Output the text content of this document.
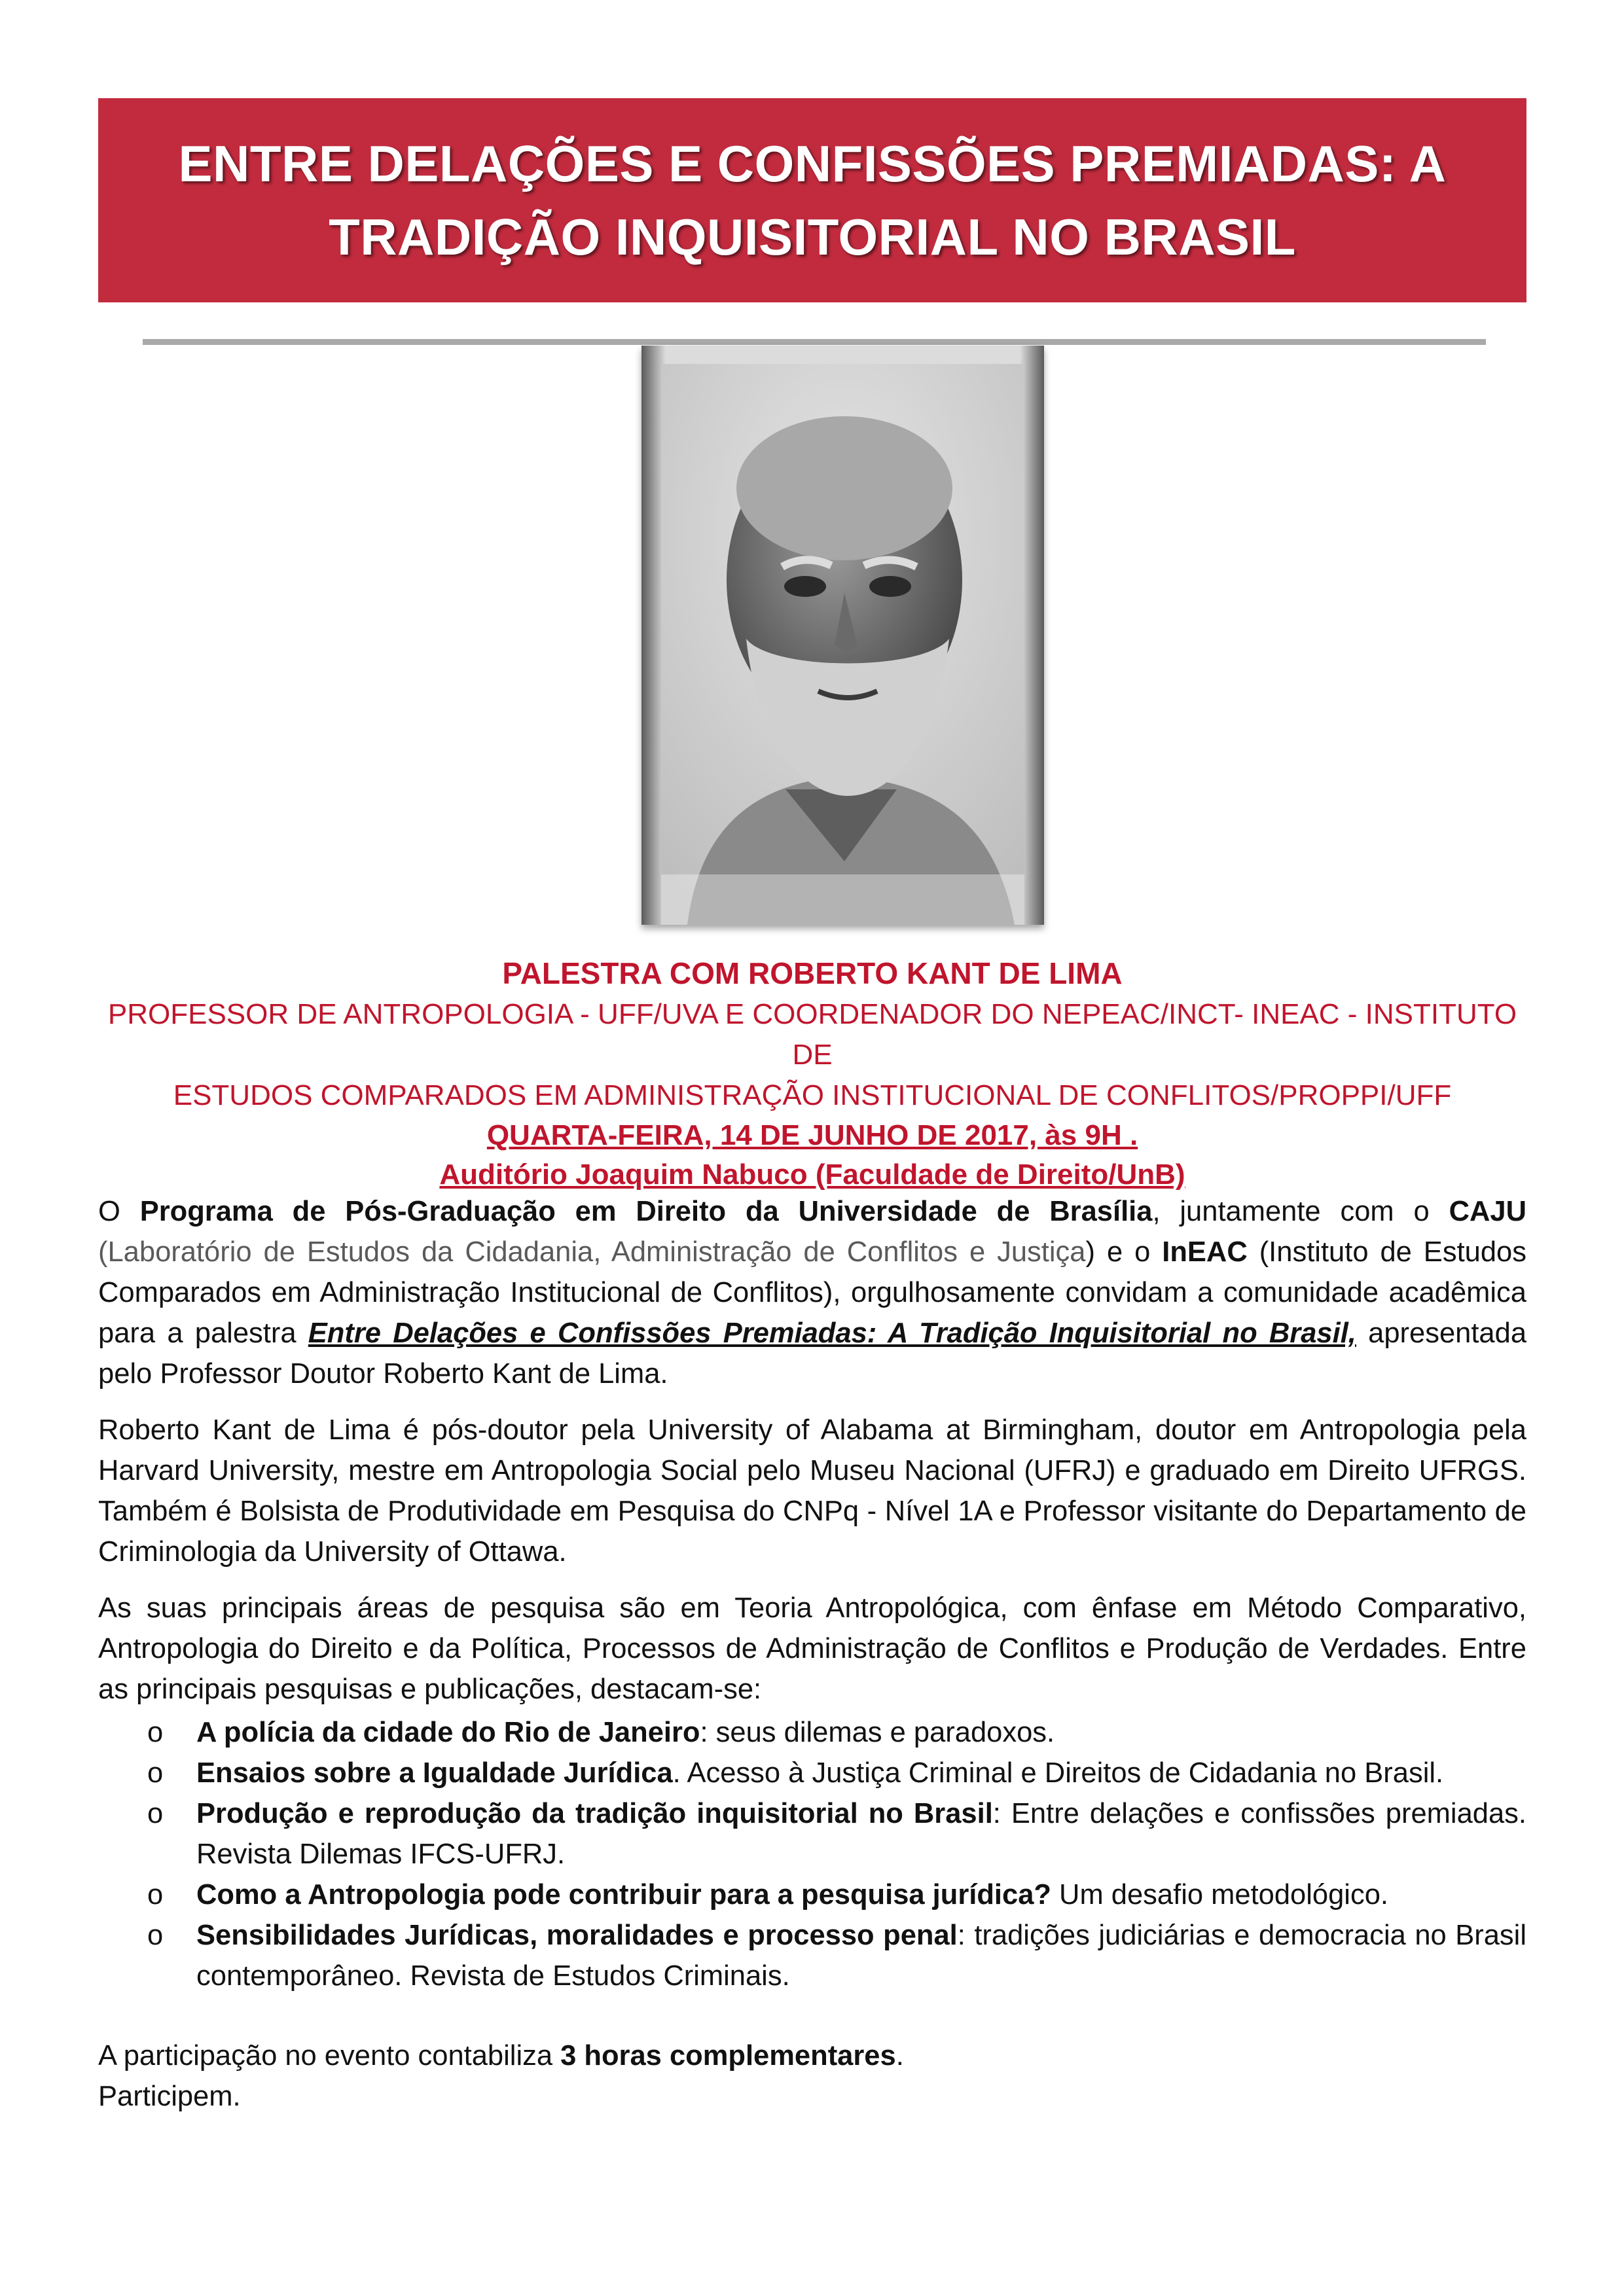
ENTRE DELAÇÕES E CONFISSÕES PREMIADAS: A
TRADIÇÃO INQUISITORIAL NO BRASIL
PALESTRA COM ROBERTO KANT DE LIMA
PROFESSOR DE ANTROPOLOGIA - UFF/UVA E COORDENADOR DO NEPEAC/INCT- INEAC - INSTITUTO DE
ESTUDOS COMPARADOS EM ADMINISTRAÇÃO INSTITUCIONAL DE CONFLITOS/PROPPI/UFF
QUARTA-FEIRA, 14 DE JUNHO DE 2017, às 9H .
Auditório Joaquim Nabuco (Faculdade de Direito/UnB)

O Programa de Pós-Graduação em Direito da Universidade de Brasília, juntamente com o CAJU (Laboratório de Estudos da Cidadania, Administração de Conflitos e Justiça) e o InEAC (Instituto de Estudos Comparados em Administração Institucional de Conflitos), orgulhosamente convidam a comunidade acadêmica para a palestra Entre Delações e Confissões Premiadas: A Tradição Inquisitorial no Brasil, apresentada pelo Professor Doutor Roberto Kant de Lima.

Roberto Kant de Lima é pós-doutor pela University of Alabama at Birmingham, doutor em Antropologia pela Harvard University, mestre em Antropologia Social pelo Museu Nacional (UFRJ) e graduado em Direito UFRGS. Também é Bolsista de Produtividade em Pesquisa do CNPq - Nível 1A e Professor visitante do Departamento de Criminologia da University of Ottawa.

As suas principais áreas de pesquisa são em Teoria Antropológica, com ênfase em Método Comparativo, Antropologia do Direito e da Política, Processos de Administração de Conflitos e Produção de Verdades. Entre as principais pesquisas e publicações, destacam-se:

o A polícia da cidade do Rio de Janeiro: seus dilemas e paradoxos.
o Ensaios sobre a Igualdade Jurídica. Acesso à Justiça Criminal e Direitos de Cidadania no Brasil.
o Produção e reprodução da tradição inquisitorial no Brasil: Entre delações e confissões premiadas. Revista Dilemas IFCS-UFRJ.
o Como a Antropologia pode contribuir para a pesquisa jurídica? Um desafio metodológico.
o Sensibilidades Jurídicas, moralidades e processo penal: tradições judiciárias e democracia no Brasil contemporâneo. Revista de Estudos Criminais.

A participação no evento contabiliza 3 horas complementares.

Participem.
